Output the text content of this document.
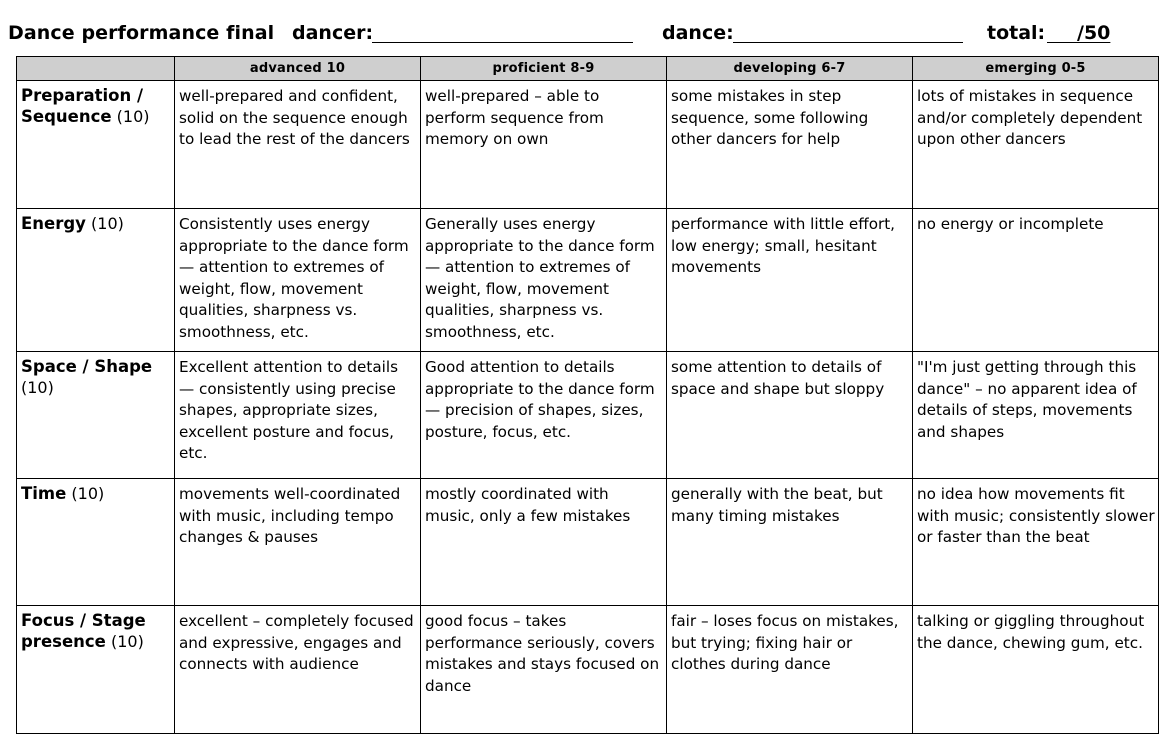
Dance performance final dancer:	dance:	total: /50
	advanced 10	proficient 8-9	developing 6-7	emerging 0-5
Preparation / Sequence (10)	well-prepared and confident, solid on the sequence enough to lead the rest of the dancers	well-prepared – able to perform sequence from memory on own	some mistakes in step sequence, some following other dancers for help	lots of mistakes in sequence and/or completely dependent upon other dancers
Energy (10)	Consistently uses energy appropriate to the dance form — attention to extremes of weight, flow, movement qualities, sharpness vs. smoothness, etc.	Generally uses energy appropriate to the dance form — attention to extremes of weight, flow, movement qualities, sharpness vs. smoothness, etc.	performance with little effort, low energy; small, hesitant movements	no energy or incomplete
Space / Shape (10)	Excellent attention to details — consistently using precise shapes, appropriate sizes, excellent posture and focus, etc.	Good attention to details appropriate to the dance form — precision of shapes, sizes, posture, focus, etc.	some attention to details of space and shape but sloppy	"I'm just getting through this dance" – no apparent idea of details of steps, movements and shapes
Time (10)	movements well-coordinated with music, including tempo changes & pauses	mostly coordinated with music, only a few mistakes	generally with the beat, but many timing mistakes	no idea how movements fit with music; consistently slower or faster than the beat
Focus / Stage presence (10)	excellent – completely focused and expressive, engages and connects with audience	good focus – takes performance seriously, covers mistakes and stays focused on dance	fair – loses focus on mistakes, but trying; fixing hair or clothes during dance	talking or giggling throughout the dance, chewing gum, etc.
